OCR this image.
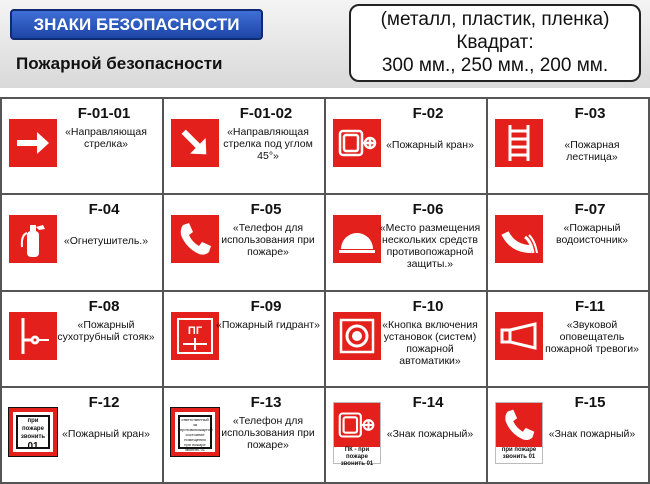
ЗНАКИ БЕЗОПАСНОСТИ
Пожарной безопасности
(металл, пластик, пленка)
Квадрат:
300 мм., 250 мм., 200 мм.
F-01-01
«Направляющая стрелка»
F-01-02
«Направляющая стрелка под углом 45°»
F-02
«Пожарный кран»
F-03
«Пожарная лестница»
F-04
«Огнетушитель.»
F-05
«Телефон для использования при пожаре»
F-06
«Место размещения нескольких средств противопожарной защиты.»
F-07
«Пожарный водоисточник»
F-08
«Пожарный сухотрубный стояк»	ПГ
F-09
«Пожарный гидрант»
F-10
«Кнопка включения установок (систем) пожарной автоматики»
F-11
«Звуковой оповещатель пожарной тревоги»
при пожаре звонить
01
F-12
«Пожарный кран»
ответственный за противопожарное состояние помещения
при пожаре звонить 01
F-13
«Телефон для использования при пожаре»	ПК - при пожаре звонить 01
F-14
«Знак пожарный»
при пожаре звонить 01
F-15
«Знак пожарный»
